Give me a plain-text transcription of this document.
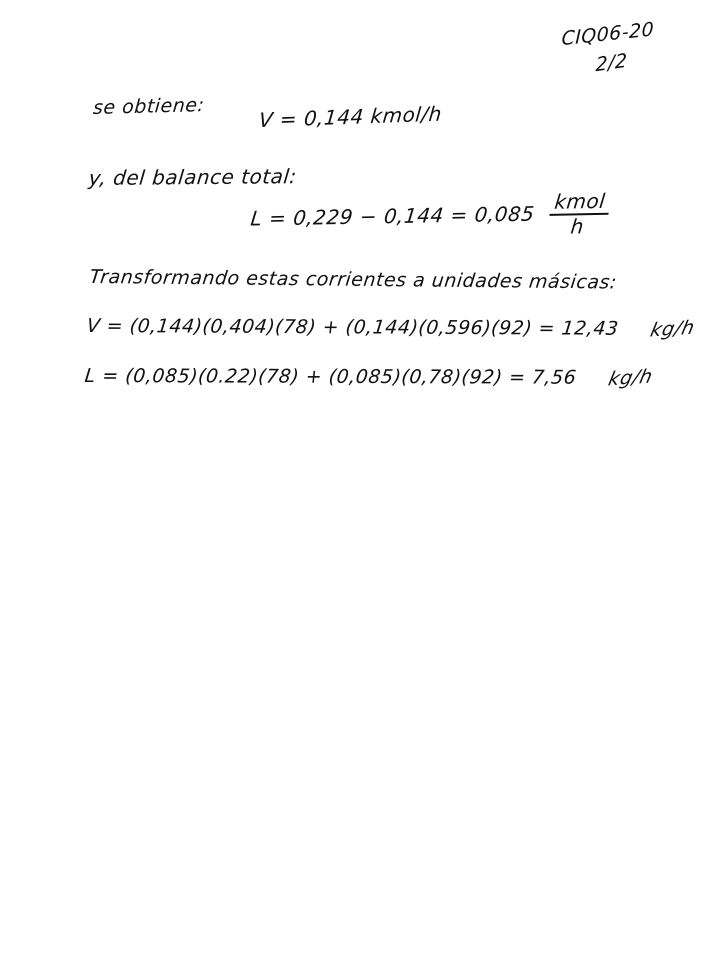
CIQ06-20
2/2
se obtiene:	V = 0,144 kmol/h
y, del balance total:
$L = 0,229 - 0,144 = 0,085 \frac{\text{kmol}}{h}$
Transformando estas corrientes a unidades másicas:
V = (0,144)(0,404)(78) + (0,144)(0,596)(92) = 12,43 kg/h
L = (0,085)(0.22)(78) + (0,085)(0,78)(92) = 7,56 kg/h
